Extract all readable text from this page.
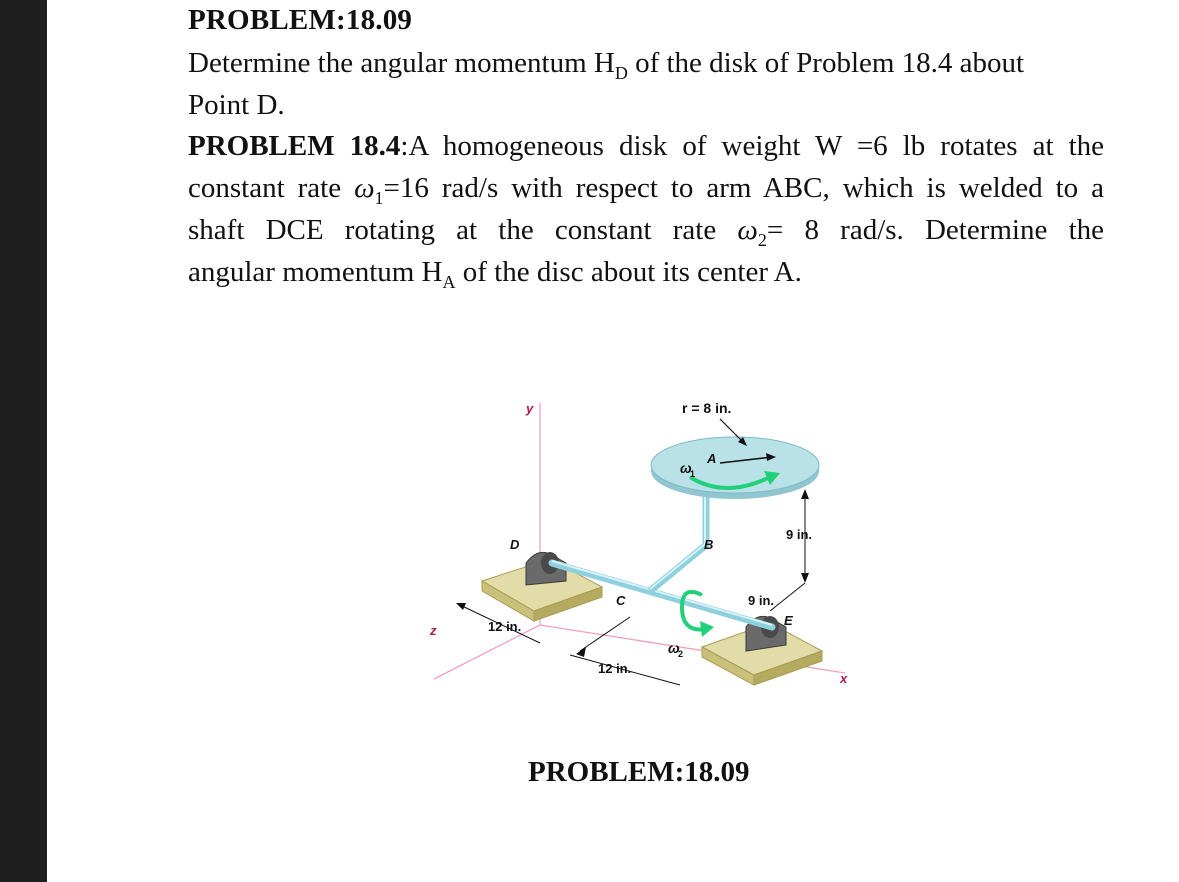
PROBLEM:18.09
Determine the angular momentum $H_D$ of the disk of Problem 18.4 about
Point D.
PROBLEM 18.4:A homogeneous disk of weight W =6 lb rotates at the
constant rate $\omega_1=16$ rad/s with respect to arm ABC, which is welded to a
shaft DCE rotating at the constant rate $\omega_2= 8$ rad/s. Determine the
angular momentum $H_A$ of the disc about its center A.
r = 8 in.
A
B
C
D
E
x
y
z
ω
1
ω
2
9 in.
9 in.
12 in.
12 in.
PROBLEM:18.09
